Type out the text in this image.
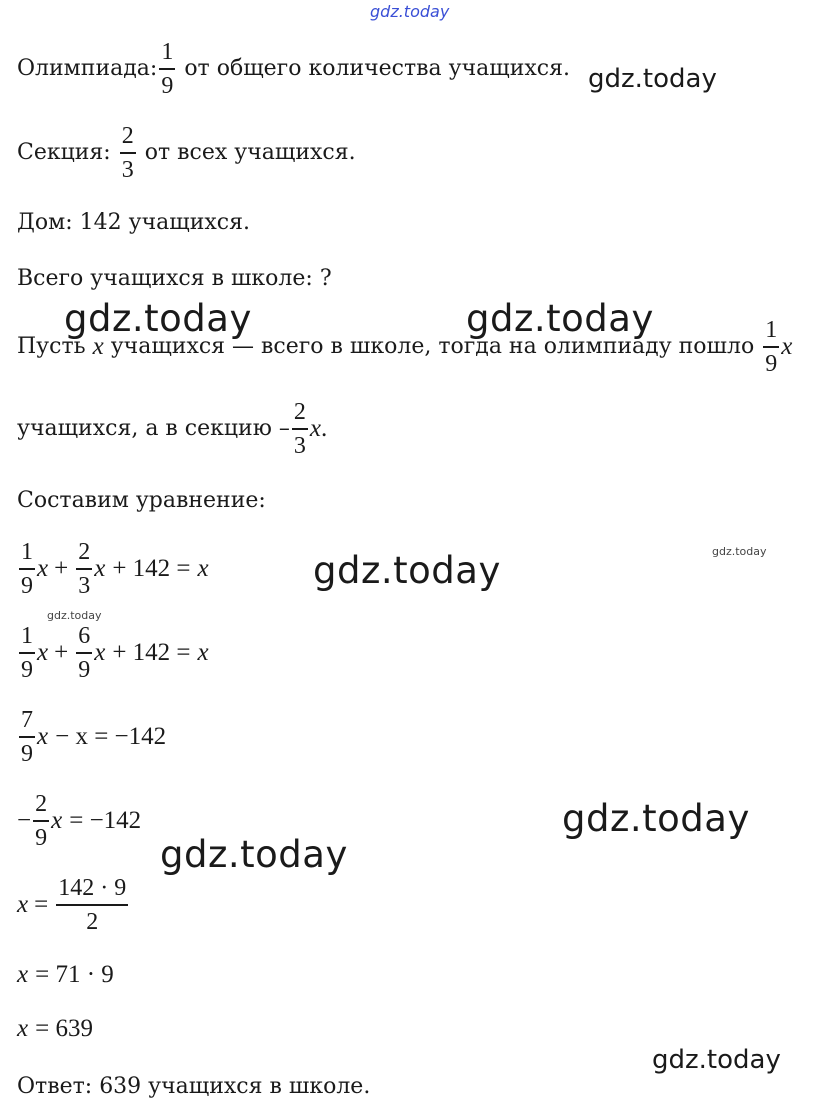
gdz.today
gdz.today
gdz.today	gdz.today
gdz.today
gdz.today
gdz.today
gdz.today
gdz.today
gdz.today
Олимпиада: $\frac{1}{9}$ от общего количества учащихся.
Секция: $\frac{2}{3}$ от всех учащихся.
Дом: 142 учащихся.
Всего учащихся в школе: ?
Пусть x учащихся — всего в школе, тогда на олимпиаду пошло $\frac{1}{9}$ x
учащихся, а в секцию – $\frac{2}{3}$ x .
Составим уравнение:
$\frac{1}{9}$ $x + \frac{2}{3}$ x + 142 = x
$\frac{1}{9}$ $x + \frac{6}{9}$ x + 142 = x
$\frac{7}{9}$ x − x = −142
− $\frac{2}{9}$ x = −142
$x = \frac{142 \cdot 9}{2}$
x = 71 · 9
x = 639
Ответ: 639 учащихся в школе.
